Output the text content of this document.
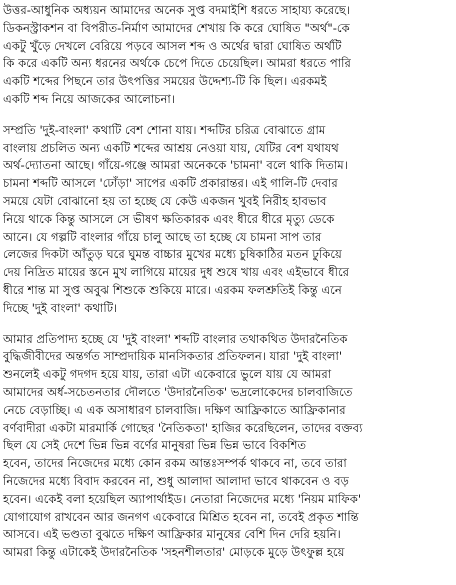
উত্তর-আধুনিক অধ্যয়ন আমাদের অনেক সুপ্ত বদমাইশি ধরতে সাহায্য করেছে।
ডিকনস্ট্রাকশন বা বিপরীত-নির্মাণ আমাদের শেখায় কি করে ঘোষিত "অর্থ"-কে
একটু খুঁড়ে দেখলে বেরিয়ে পড়বে আসল শব্দ ও অর্থের দ্বারা ঘোষিত অর্থটি
কি করে একটি অন্য ধরনের অর্থকে চেপে দিতে চেয়েছিল। আমরা ধরতে পারি
একটি শব্দের পিছনে তার উৎপত্তির সময়ের উদ্দেশ্য-টি কি ছিল। এরকমই
একটি শব্দ নিয়ে আজকের আলোচনা।
সম্প্রতি 'দুই-বাংলা' কথাটি বেশ শোনা যায়। শব্দটির চরিত্র বোঝাতে গ্রাম
বাংলায় প্রচলিত অন্য একটি শব্দের আশ্রয় নেওয়া যায়, যেটির বেশ যথাযথ
অর্থ-দ্যোতনা আছে। গাঁয়ে-গঞ্জে আমরা অনেককে 'চামনা' বলে থাকি দিতাম।
চামনা শব্দটি আসলে 'ঢোঁড়া' সাপের একটি প্রকারান্তর। এই গালি-টি দেবার
সময়ে যেটা বোঝানো হয় তা হচ্ছে যে কেউ একজন খুবই নিরীহ হাবভাব
নিয়ে থাকে কিন্তু আসলে সে ভীষণ ক্ষতিকারক এবং ধীরে ধীরে মৃত্যু ডেকে
আনে। যে গল্পটি বাংলার গাঁয়ে চালু আছে তা হচ্ছে যে চামনা সাপ তার
লেজের দিকটা আঁতুড় ঘরে ঘুমন্ত বাচ্চার মুখের মধ্যে চুষিকাঠির মতন ঢুকিয়ে
দেয় নিদ্রিত মায়ের স্তনে মুখ লাগিয়ে মায়ের দুধ শুষে খায় এবং এইভাবে ধীরে
ধীরে শান্ত মা সুপ্ত অবুঝ শিশুকে শুকিয়ে মারে। এরকম ফলশ্রুতিই কিন্তু এনে
দিচ্ছে 'দুই বাংলা' কথাটি।
আমার প্রতিপাদ্য হচ্ছে যে 'দুই বাংলা' শব্দটি বাংলার তথাকথিত উদারনৈতিক
বুদ্ধিজীবীদের অন্তর্গত সাম্প্রদায়িক মানসিকতার প্রতিফলন। যারা 'দুই বাংলা'
শুনলেই একটু গদগদ হয়ে যায়, তারা এটা একেবারে ভুলে যায় যে আমরা
আমাদের অর্ধ-সচেতনতার দৌলতে 'উদারনৈতিক' ভদ্রলোকেদের চালবাজিতে
নেচে বেড়াচ্ছি। এ এক অসাধারণ চালবাজি। দক্ষিণ আফ্রিকাতে আফ্রিকানার
বর্ণবাদীরা একটা মারমার্কি গোছের 'নৈতিকতা' হাজির করেছিলেন, তাদের বক্তব্য
ছিল যে সেই দেশে ভিন্ন ভিন্ন বর্ণের মানুষরা ভিন্ন ভিন্ন ভাবে বিকশিত
হবেন, তাদের নিজেদের মধ্যে কোন রকম আন্তঃসম্পর্ক থাকবে না, তবে তারা
নিজেদের মধ্যে বিবাদ করবেন না, শুধু আলাদা আলাদা ভাবে থাকবেন ও বড়
হবেন। একেই বলা হয়েছিল অ্যাপার্থাইড। নেতারা নিজেদের মধ্যে 'নিয়ম মাফিক'
যোগাযোগ রাখবেন আর জনগণ একেবারে মিশ্রিত হবেন না, তবেই প্রকৃত শান্তি
আসবে। এই ভণ্ডতা বুঝতে দক্ষিণ আফ্রিকার মানুষের বেশি দিন দেরি হয়নি।
আমরা কিন্তু এটাকেই উদারনৈতিক 'সহনশীলতার' মোড়কে মুড়ে উৎফুল্ল হয়ে
